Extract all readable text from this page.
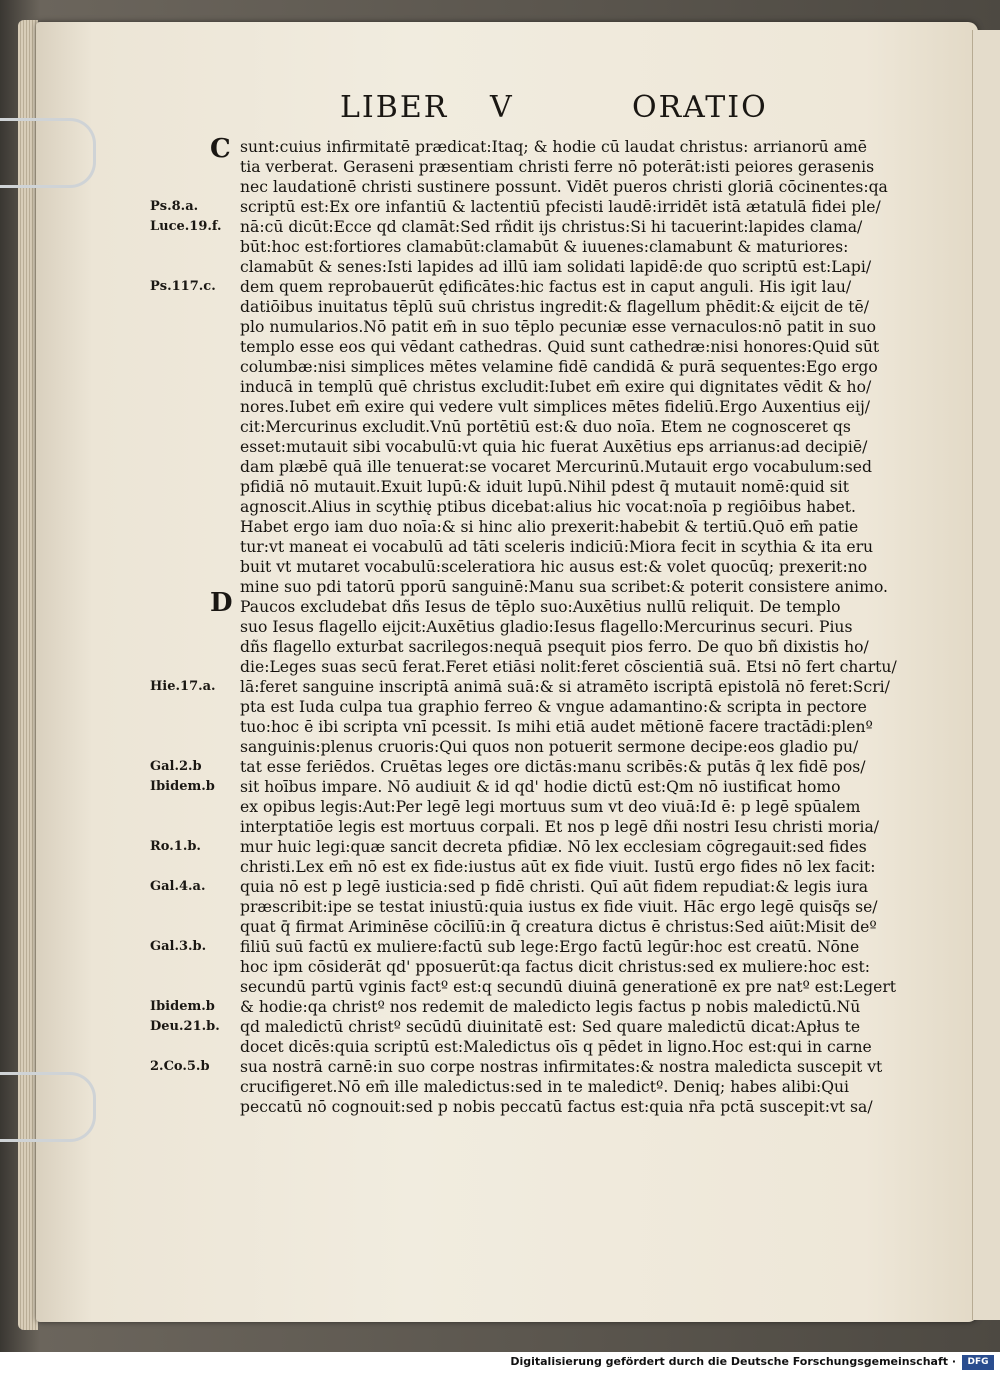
LIBER V	ORATIO
C
D
Ps.8.a.
Luce.19.f.
Ps.117.c.
Hie.17.a.
Gal.2.b
Ibidem.b
Ro.1.b.
Gal.4.a.
Gal.3.b.
Ibidem.b
Deu.21.b.
2.Co.5.b
sunt:cuius infirmitatē prædicat:Itaq; & hodie cū laudat christus: arrianorū amē
tia verberat. Geraseni præsentiam christi ferre nō poterāt:isti peiores gerasenis
nec laudationē christi sustinere possunt. Vidēt pueros christi gloriā cōcinentes:qa
scriptū est:Ex ore infantiū & lactentiū pfecisti laudē:irridēt istā ætatulā fidei ple/
nā:cū dicūt:Ecce qd clamāt:Sed rñdit ijs christus:Si hi tacuerint:lapides clama/
būt:hoc est:fortiores clamabūt:clamabūt & iuuenes:clamabunt & maturiores:
clamabūt & senes:Isti lapides ad illū iam solidati lapidē:de quo scriptū est:Lapi/
dem quem reprobauerūt ędificātes:hic factus est in caput anguli. His igit lau/
datiōibus inuitatus tēplū suū christus ingredit:& flagellum phēdit:& eijcit de tē/
plo numularios.Nō patit em̄ in suo tēplo pecuniæ esse vernaculos:nō patit in suo
templo esse eos qui vēdant cathedras. Quid sunt cathedræ:nisi honores:Quid sūt
columbæ:nisi simplices mētes velamine fidē candidā & purā sequentes:Ego ergo
inducā in templū quē christus excludit:Iubet em̄ exire qui dignitates vēdit & ho/
nores.Iubet em̄ exire qui vedere vult simplices mētes fideliū.Ergo Auxentius eij/
cit:Mercurinus excludit.Vnū portētiū est:& duo noīa. Etem ne cognosceret qs
esset:mutauit sibi vocabulū:vt quia hic fuerat Auxētius eps arrianus:ad decipiē/
dam plæbē quā ille tenuerat:se vocaret Mercurinū.Mutauit ergo vocabulum:sed
pfidiā nō mutauit.Exuit lupū:& iduit lupū.Nihil pdest q̄ mutauit nomē:quid sit
agnoscit.Alius in scythię ptibus dicebat:alius hic vocat:noīa p regiōibus habet.
Habet ergo iam duo noīa:& si hinc alio prexerit:habebit & tertiū.Quō em̄ patie
tur:vt maneat ei vocabulū ad tāti sceleris indiciū:Miora fecit in scythia & ita eru
buit vt mutaret vocabulū:sceleratiora hic ausus est:& volet quocūq; prexerit:no
mine suo pdi tatorū pporū sanguinē:Manu sua scribet:& poterit consistere animo.
Paucos excludebat dñs Iesus de tēplo suo:Auxētius nullū reliquit. De templo
suo Iesus flagello eijcit:Auxētius gladio:Iesus flagello:Mercurinus securi. Pius
dñs flagello exturbat sacrilegos:nequā psequit pios ferro. De quo bñ dixistis ho/
die:Leges suas secū ferat.Feret etiāsi nolit:feret cōscientiā suā. Etsi nō fert chartu/
lā:feret sanguine inscriptā animā suā:& si atramēto iscriptā epistolā nō feret:Scri/
pta est Iuda culpa tua graphio ferreo & vngue adamantino:& scripta in pectore
tuo:hoc ē ibi scripta vnī pcessit. Is mihi etiā audet mētionē facere tractādi:plenº
sanguinis:plenus cruoris:Qui quos non potuerit sermone decipe:eos gladio pu/
tat esse feriēdos. Cruētas leges ore dictās:manu scribēs:& putās q̄ lex fidē pos/
sit hoībus impare. Nō audiuit & id qd' hodie dictū est:Qm nō iustificat homo
ex opibus legis:Aut:Per legē legi mortuus sum vt deo viuā:Id ē: p legē spūalem
interptatiōe legis est mortuus corpali. Et nos p legē dñi nostri Iesu christi moria/
mur huic legi:quæ sancit decreta pfidiæ. Nō lex ecclesiam cōgregauit:sed fides
christi.Lex em̄ nō est ex fide:iustus aūt ex fide viuit. Iustū ergo fides nō lex facit:
quia nō est p legē iusticia:sed p fidē christi. Quī aūt fidem repudiat:& legis iura
præscribit:ipe se testat iniustū:quia iustus ex fide viuit. Hāc ergo legē quisq̄s se/
quat q̄ firmat Ariminēse cōcilīū:in q̄ creatura dictus ē christus:Sed aiūt:Misit deº
filiū suū factū ex muliere:factū sub lege:Ergo factū legūr:hoc est creatū. Nōne
hoc ipm cōsiderāt qd' pposuerūt:qa factus dicit christus:sed ex muliere:hoc est:
secundū partū vginis factº est:q secundū diuinā generationē ex pre natº est:Legert
& hodie:qa christº nos redemit de maledicto legis factus p nobis maledictū.Nū
qd maledictū christº secūdū diuinitatē est: Sed quare maledictū dicat:Apłus te
docet dicēs:quia scriptū est:Maledictus oīs q pēdet in ligno.Hoc est:qui in carne
sua nostrā carnē:in suo corpe nostras infirmitates:& nostra maledicta suscepit vt
crucifigeret.Nō em̄ ille maledictus:sed in te maledictº. Deniq; habes alibi:Qui
peccatū nō cognouit:sed p nobis peccatū factus est:quia nr̄a pctā suscepit:vt sa/
Digitalisierung gefördert durch die Deutsche Forschungsgemeinschaft ·	DFG
